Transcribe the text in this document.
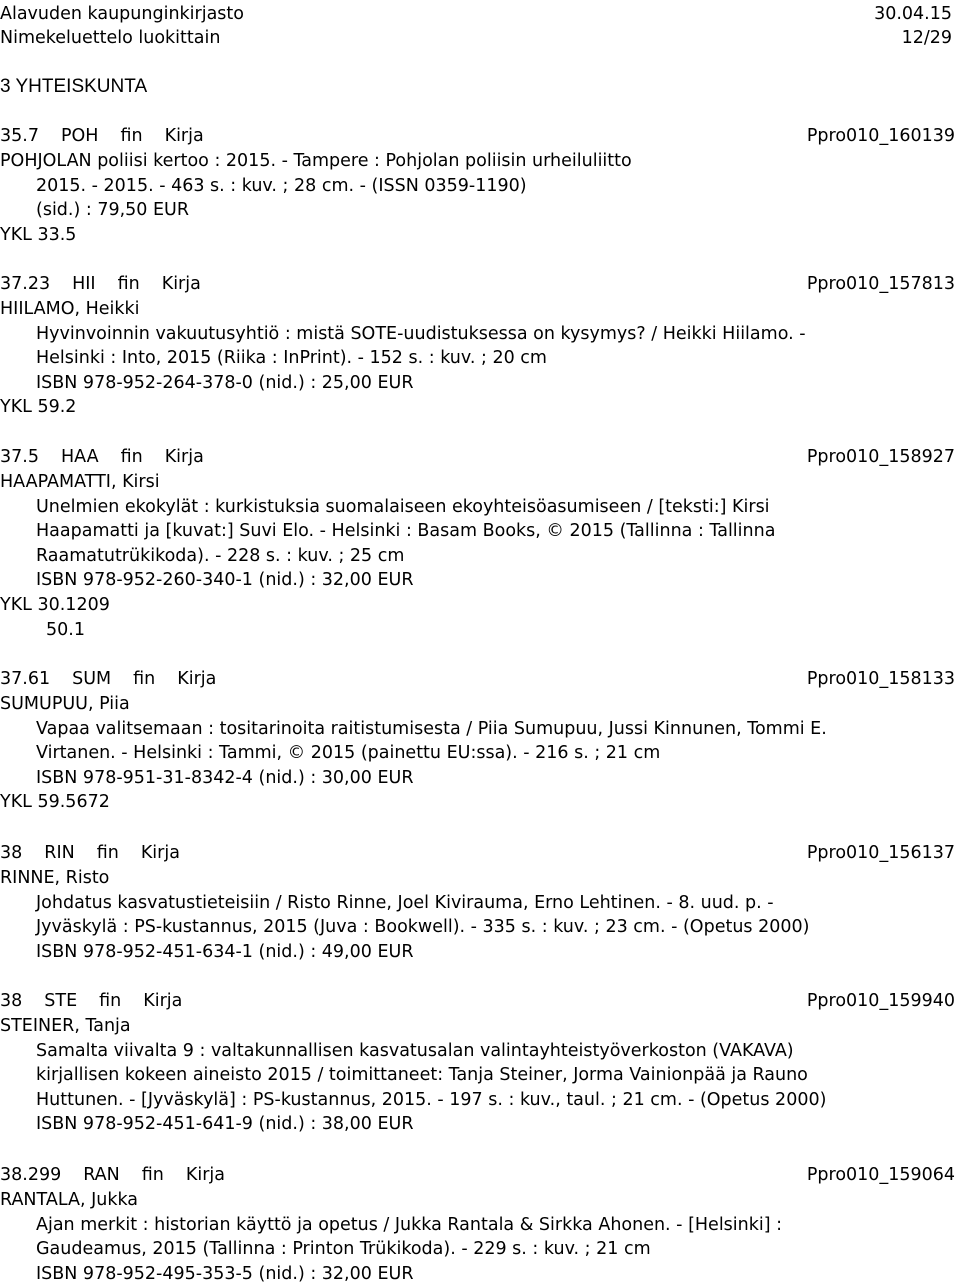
Alavuden kaupunginkirjasto	30.04.15
Nimekeluettelo luokittain	12/29
3 YHTEISKUNTA
35.7 POH fin Kirja	Ppro010_160139
POHJOLAN poliisi kertoo : 2015. - Tampere : Pohjolan poliisin urheiluliitto
2015. - 2015. - 463 s. : kuv. ; 28 cm. - (ISSN 0359-1190)
(sid.) : 79,50 EUR
YKL 33.5
37.23 HII fin Kirja	Ppro010_157813
HIILAMO, Heikki
Hyvinvoinnin vakuutusyhtiö : mistä SOTE-uudistuksessa on kysymys? / Heikki Hiilamo. -
Helsinki : Into, 2015 (Riika : InPrint). - 152 s. : kuv. ; 20 cm
ISBN 978-952-264-378-0 (nid.) : 25,00 EUR
YKL 59.2
37.5 HAA fin Kirja	Ppro010_158927
HAAPAMATTI, Kirsi
Unelmien ekokylät : kurkistuksia suomalaiseen ekoyhteisöasumiseen / [teksti:] Kirsi
Haapamatti ja [kuvat:] Suvi Elo. - Helsinki : Basam Books, © 2015 (Tallinna : Tallinna
Raamatutrükikoda). - 228 s. : kuv. ; 25 cm
ISBN 978-952-260-340-1 (nid.) : 32,00 EUR
YKL 30.1209
50.1
37.61 SUM fin Kirja	Ppro010_158133
SUMUPUU, Piia
Vapaa valitsemaan : tositarinoita raitistumisesta / Piia Sumupuu, Jussi Kinnunen, Tommi E.
Virtanen. - Helsinki : Tammi, © 2015 (painettu EU:ssa). - 216 s. ; 21 cm
ISBN 978-951-31-8342-4 (nid.) : 30,00 EUR
YKL 59.5672
38 RIN fin Kirja	Ppro010_156137
RINNE, Risto
Johdatus kasvatustieteisiin / Risto Rinne, Joel Kivirauma, Erno Lehtinen. - 8. uud. p. -
Jyväskylä : PS-kustannus, 2015 (Juva : Bookwell). - 335 s. : kuv. ; 23 cm. - (Opetus 2000)
ISBN 978-952-451-634-1 (nid.) : 49,00 EUR
38 STE fin Kirja	Ppro010_159940
STEINER, Tanja
Samalta viivalta 9 : valtakunnallisen kasvatusalan valintayhteistyöverkoston (VAKAVA)
kirjallisen kokeen aineisto 2015 / toimittaneet: Tanja Steiner, Jorma Vainionpää ja Rauno
Huttunen. - [Jyväskylä] : PS-kustannus, 2015. - 197 s. : kuv., taul. ; 21 cm. - (Opetus 2000)
ISBN 978-952-451-641-9 (nid.) : 38,00 EUR
38.299 RAN fin Kirja	Ppro010_159064
RANTALA, Jukka
Ajan merkit : historian käyttö ja opetus / Jukka Rantala & Sirkka Ahonen. - [Helsinki] :
Gaudeamus, 2015 (Tallinna : Printon Trükikoda). - 229 s. : kuv. ; 21 cm
ISBN 978-952-495-353-5 (nid.) : 32,00 EUR
